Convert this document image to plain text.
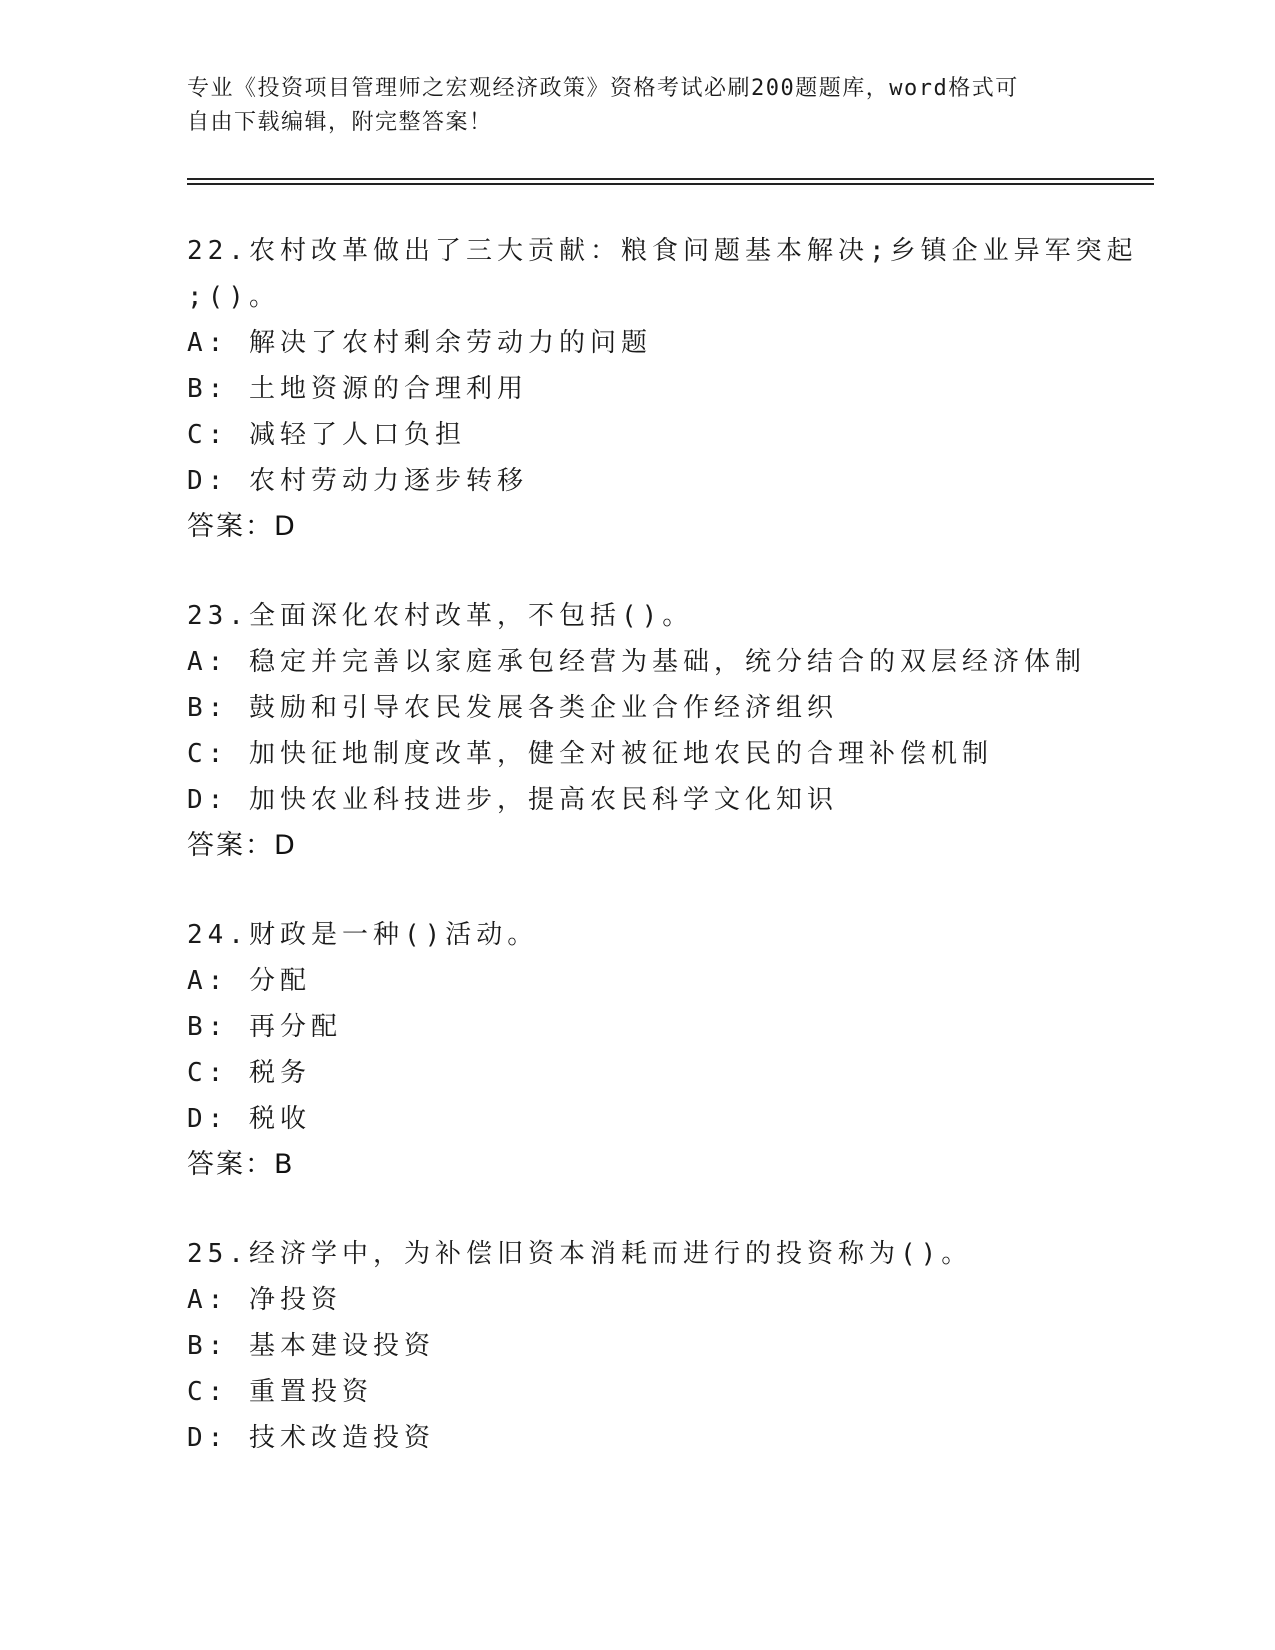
专业《投资项目管理师之宏观经济政策》资格考试必刷200题题库，word格式可
自由下载编辑，附完整答案！
22.农村改革做出了三大贡献：粮食问题基本解决;乡镇企业异军突起
;()。
A: 解决了农村剩余劳动力的问题
B: 土地资源的合理利用
C: 减轻了人口负担
D: 农村劳动力逐步转移
答案：D
23.全面深化农村改革，不包括()。
A: 稳定并完善以家庭承包经营为基础，统分结合的双层经济体制
B: 鼓励和引导农民发展各类企业合作经济组织
C: 加快征地制度改革，健全对被征地农民的合理补偿机制
D: 加快农业科技进步，提高农民科学文化知识
答案：D
24.财政是一种()活动。
A: 分配
B: 再分配
C: 税务
D: 税收
答案：B
25.经济学中，为补偿旧资本消耗而进行的投资称为()。
A: 净投资
B: 基本建设投资
C: 重置投资
D: 技术改造投资
